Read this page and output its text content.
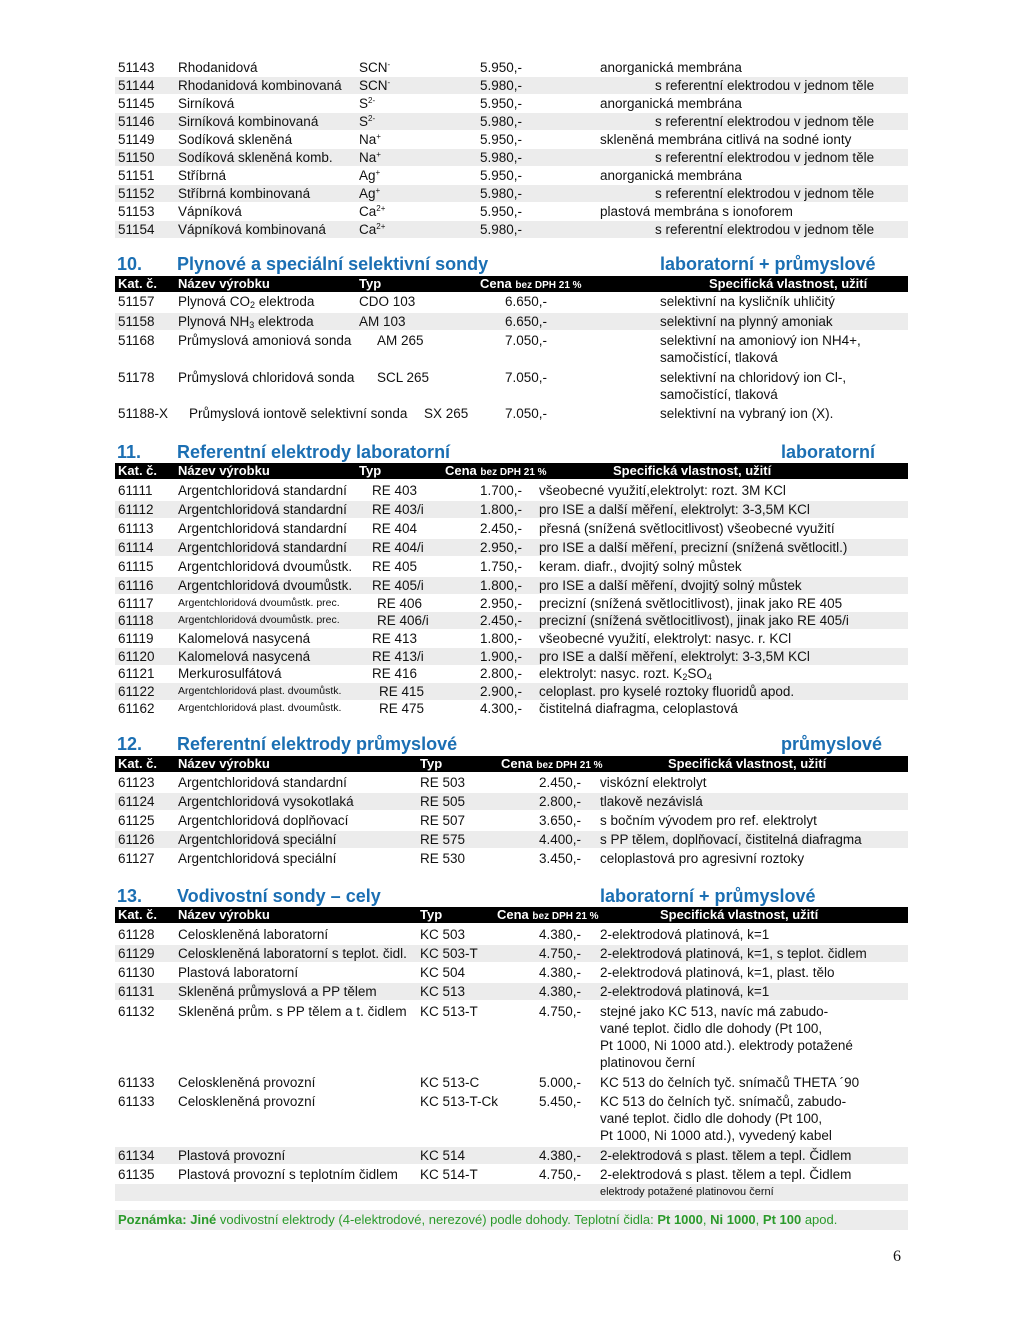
51143 Rhodanidová	SCN-	5.950,-	anorganická membrána
51144 Rhodanidová kombinovaná SCN-	5.980,-	s referentní elektrodou v jednom těle
51145 Sirníková	$S^{2-}$	5.950,-	anorganická membrána
51146 Sirníková kombinovaná	$S^{2-}$	5.980,-	s referentní elektrodou v jednom těle
51149 Sodíková skleněná	Na+	5.950,-	skleněná membrána citlivá na sodné ionty
51150 Sodíková skleněná komb. Na+	5.980,-	s referentní elektrodou v jednom těle
51151 Stříbrná	Ag+	5.950,-	anorganická membrána
51152 Stříbrná kombinovaná	Ag+	5.980,-	s referentní elektrodou v jednom těle
51153 Vápníková	$Ca^{2+}$	5.950,-	plastová membrána s ionoforem
51154 Vápníková kombinovaná $Ca^{2+}$	5.980,-	s referentní elektrodou v jednom těle
10. Plynové a speciální selektivní sondy	laboratorní + průmyslové
Kat. č. Název výrobku	Typ	Cena bez DPH 21 %	Specifická vlastnost, užití
51157 Plynová $CO_2$ elektroda	CDO 103	6.650,-	selektivní na kysličník uhličitý
51158 Plynová $NH_3$ elektroda	AM 103	6.650,-	selektivní na plynný amoniak
51168 Průmyslová amoniová sonda AM 265	7.050,-	selektivní na amoniový ion NH4+,
samočistící, tlaková
51178 Průmyslová chloridová sonda SCL 265	7.050,-	selektivní na chloridový ion Cl-,
samočistící, tlaková
51188-X Průmyslová iontově selektivní sonda SX 265	7.050,-	selektivní na vybraný ion (X).
11. Referentní elektrody laboratorní	laboratorní
Kat. č. Název výrobku	Typ	Cena bez DPH 21 %	Specifická vlastnost, užití
61111 Argentchloridová standardní RE 403	1.700,- všeobecné využití,elektrolyt: rozt. 3M KCl
61112 Argentchloridová standardní RE 403/i	1.800,- pro ISE a další měření, elektrolyt: 3-3,5M KCl
61113 Argentchloridová standardní RE 404	2.450,- přesná (snížená světlocitlivost) všeobecné využití
61114 Argentchloridová standardní RE 404/i	2.950,- pro ISE a další měření, precizní (snížená světlocitl.)
61115 Argentchloridová dvoumůstk. RE 405	1.750,- keram. diafr., dvojitý solný můstek
61116 Argentchloridová dvoumůstk. RE 405/i	1.800,- pro ISE a další měření, dvojitý solný můstek
61117 Argentchloridová dvoumůstk. prec.	RE 406	2.950,- precizní (snížená světlocitlivost), jinak jako RE 405
61118 Argentchloridová dvoumůstk. prec.	RE 406/i	2.450,- precizní (snížená světlocitlivost), jinak jako RE 405/i
61119 Kalomelová nasycená	RE 413	1.800,- všeobecné využití, elektrolyt: nasyc. r. KCl
61120 Kalomelová nasycená	RE 413/i	1.900,- pro ISE a další měření, elektrolyt: 3-3,5M KCl
61121 Merkurosulfátová	RE 416	2.800,- elektrolyt: nasyc. rozt. $K_2SO_4$
61122 Argentchloridová plast. dvoumůstk.	RE 415	2.900,- celoplast. pro kyselé roztoky fluoridů apod.
61162 Argentchloridová plast. dvoumůstk.	RE 475	4.300,- čistitelná diafragma, celoplastová
12. Referentní elektrody průmyslové	průmyslové
Kat. č. Název výrobku	Typ	Cena bez DPH 21 %	Specifická vlastnost, užití
61123 Argentchloridová standardní	RE 503	2.450,- viskózní elektrolyt
61124 Argentchloridová vysokotlaká	RE 505	2.800,- tlakově nezávislá
61125 Argentchloridová doplňovací	RE 507	3.650,- s bočním vývodem pro ref. elektrolyt
61126 Argentchloridová speciální	RE 575	4.400,- s PP tělem, doplňovací, čistitelná diafragma
61127 Argentchloridová speciální	RE 530	3.450,- celoplastová pro agresivní roztoky
13. Vodivostní sondy – cely	laboratorní + průmyslové
Kat. č. Název výrobku	Typ	Cena bez DPH 21 %	Specifická vlastnost, užití
61128 Celoskleněná laboratorní	KC 503	4.380,- 2-elektrodová platinová, k=1
61129 Celoskleněná laboratorní s teplot. čidl. KC 503-T	4.750,- 2-elektrodová platinová, k=1, s teplot. čidlem
61130 Plastová laboratorní	KC 504	4.380,- 2-elektrodová platinová, k=1, plast. tělo
61131 Skleněná průmyslová a PP tělem	KC 513	4.380,- 2-elektrodová platinová, k=1
61132 Skleněná prům. s PP tělem a t. čidlem KC 513-T	4.750,- stejné jako KC 513, navíc má zabudo-
vané teplot. čidlo dle dohody (Pt 100,
Pt 1000, Ni 1000 atd.). elektrody potažené
platinovou černí
61133 Celoskleněná provozní	KC 513-C	5.000,- KC 513 do čelních tyč. snímačů THETA ´90
61133 Celoskleněná provozní	KC 513-T-Ck	5.450,- KC 513 do čelních tyč. snímačů, zabudo-
vané teplot. čidlo dle dohody (Pt 100,
Pt 1000, Ni 1000 atd.), vyvedený kabel
61134 Plastová provozní	KC 514	4.380,- 2-elektrodová s plast. tělem a tepl. Čidlem
61135 Plastová provozní s teplotním čidlem KC 514-T	4.750,- 2-elektrodová s plast. tělem a tepl. Čidlem
elektrody potažené platinovou černí
Poznámka: Jiné vodivostní elektrody (4-elektrodové, nerezové) podle dohody. Teplotní čidla: Pt 1000, Ni 1000, Pt 100 apod.
6
